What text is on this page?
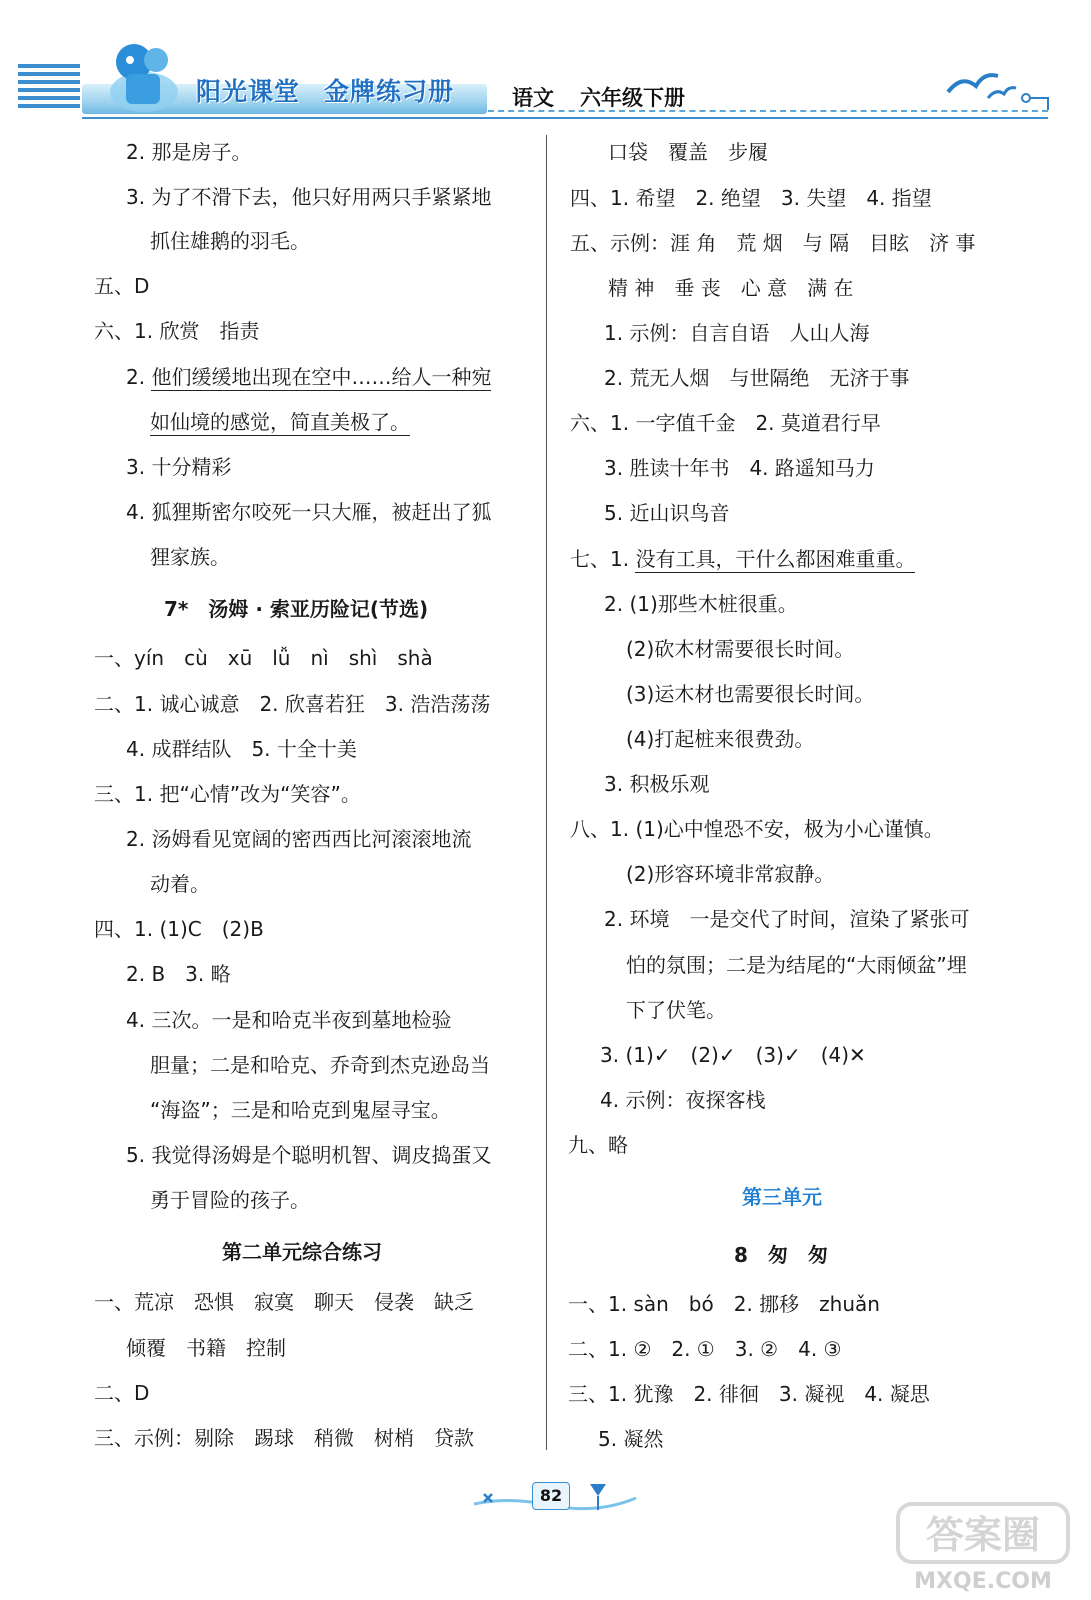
阳光课堂 金牌练习册	语文 六年级下册
2. 那是房子。
3. 为了不滑下去，他只好用两只手紧紧地
抓住雄鹅的羽毛。
五、D
六、1. 欣赏　指责
2. 他们缓缓地出现在空中……给人一种宛
如仙境的感觉，简直美极了。
3. 十分精彩
4. 狐狸斯密尔咬死一只大雁，被赶出了狐
狸家族。
7*　汤姆 · 索亚历险记(节选)
一、yín　cù　xū　lǚ　nì　shì　shà
二、1. 诚心诚意　2. 欣喜若狂　3. 浩浩荡荡
4. 成群结队　5. 十全十美
三、1. 把“心情”改为“笑容”。
2. 汤姆看见宽阔的密西西比河滚滚地流
动着。
四、1. (1)C　(2)B
2. B　3. 略
4. 三次。一是和哈克半夜到墓地检验
胆量；二是和哈克、乔奇到杰克逊岛当
“海盗”；三是和哈克到鬼屋寻宝。
5. 我觉得汤姆是个聪明机智、调皮捣蛋又
勇于冒险的孩子。
第二单元综合练习
一、荒凉　恐惧　寂寞　聊天　侵袭　缺乏
倾覆　书籍　控制
二、D
三、示例：剔除　踢球　稍微　树梢　贷款
口袋　覆盖　步履
四、1. 希望　2. 绝望　3. 失望　4. 指望
五、示例：涯 角　荒 烟　与 隔　目眩　济 事
精 神　垂 丧　心 意　满 在
1. 示例：自言自语　人山人海
2. 荒无人烟　与世隔绝　无济于事
六、1. 一字值千金　2. 莫道君行早
3. 胜读十年书　4. 路遥知马力
5. 近山识鸟音
七、1. 没有工具，干什么都困难重重。
2. (1)那些木桩很重。
(2)砍木材需要很长时间。
(3)运木材也需要很长时间。
(4)打起桩来很费劲。
3. 积极乐观
八、1. (1)心中惶恐不安，极为小心谨慎。
(2)形容环境非常寂静。
2. 环境　一是交代了时间，渲染了紧张可
怕的氛围；二是为结尾的“大雨倾盆”埋
下了伏笔。
3. (1)✓　(2)✓　(3)✓　(4)✕
4. 示例：夜探客栈
九、略
第三单元
8　匆　匆
一、1. sàn　bó　2. 挪移　zhuǎn
二、1. ②　2. ①　3. ②　4. ③
三、1. 犹豫　2. 徘徊　3. 凝视　4. 凝思
5. 凝然
82
答案圈
MXQE.COM
